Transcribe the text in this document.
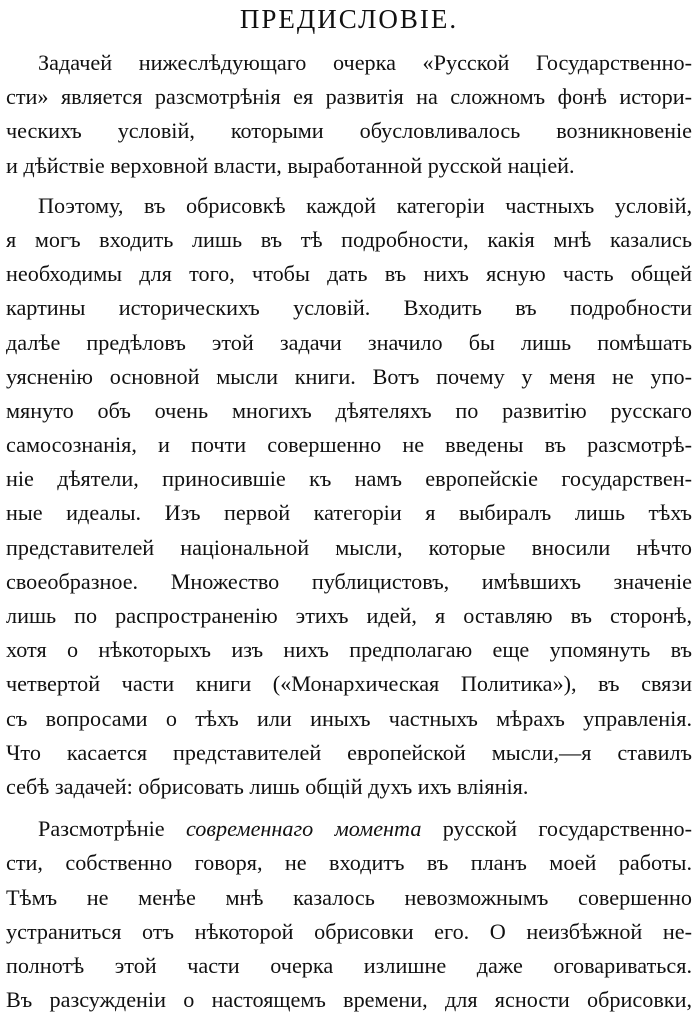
ПРЕДИСЛОВІЕ.

Задачей нижеслѣдующаго очерка «Русской Государственно-
сти» является разсмотрѣнія ея развитія на сложномъ фонѣ истори-
ческихъ условій, которыми обусловливалось возникновеніе
и дѣйствіе верховной власти, выработанной русской націей.

Поэтому, въ обрисовкѣ каждой категоріи частныхъ условій,
я могъ входить лишь въ тѣ подробности, какія мнѣ казались
необходимы для того, чтобы дать въ нихъ ясную часть общей
картины историческихъ условій. Входить въ подробности
далѣе предѣловъ этой задачи значило бы лишь помѣшать
уясненію основной мысли книги. Вотъ почему у меня не упо-
мянуто объ очень многихъ дѣятеляхъ по развитію русскаго
самосознанія, и почти совершенно не введены въ разсмотрѣ-
ніе дѣятели, приносившіе къ намъ европейскіе государствен-
ные идеалы. Изъ первой категоріи я выбиралъ лишь тѣхъ
представителей національной мысли, которые вносили нѣчто
своеобразное. Множество публицистовъ, имѣвшихъ значеніе
лишь по распространенію этихъ идей, я оставляю въ сторонѣ,
хотя о нѣкоторыхъ изъ нихъ предполагаю еще упомянуть въ
четвертой части книги («Монархическая Политика»), въ связи
съ вопросами о тѣхъ или иныхъ частныхъ мѣрахъ управленія.
Что касается представителей европейской мысли,—я ставилъ
себѣ задачей: обрисовать лишь общій духъ ихъ вліянія.

Разсмотрѣніе современнаго момента русской государственно-
сти, собственно говоря, не входитъ въ планъ моей работы.
Тѣмъ не менѣе мнѣ казалось невозможнымъ совершенно
устраниться отъ нѣкоторой обрисовки его. О неизбѣжной не-
полнотѣ этой части очерка излишне даже оговариваться.
Въ разсужденіи о настоящемъ времени, для ясности обрисовки,
